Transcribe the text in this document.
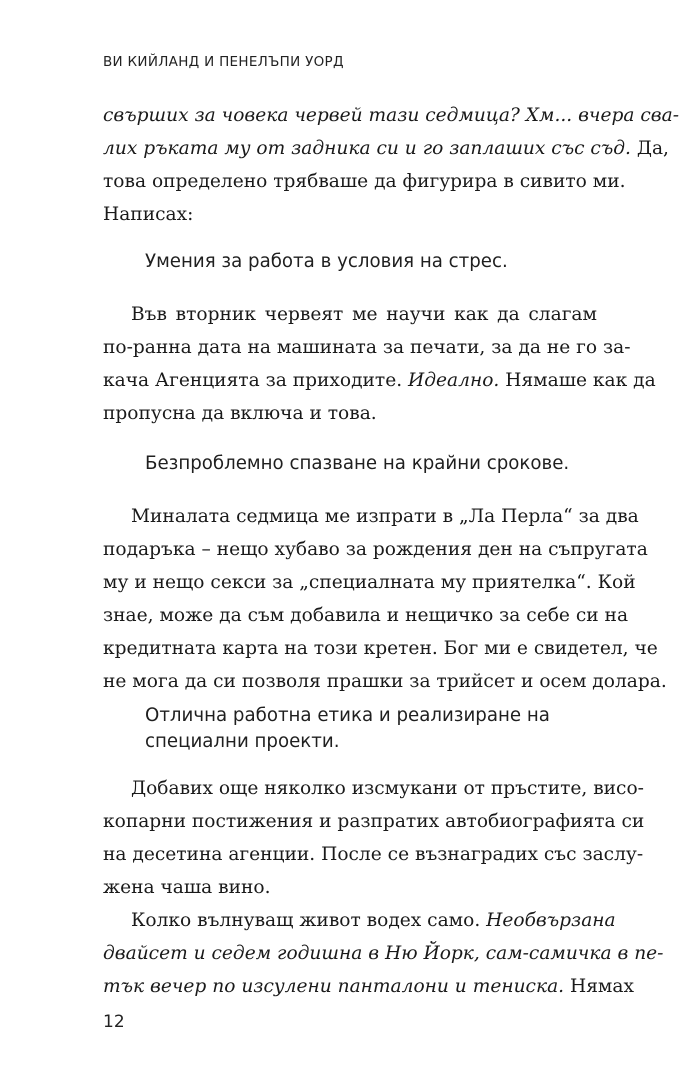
ВИ КИЙЛАНД И ПЕНЕЛЪПИ УОРД
свърших за човека червей тази седмица? Хм... вчера сва-
лих ръката му от задника си и го заплаших със съд. Да,
това определено трябваше да фигурира в сивито ми.
Написах:
Умения за работа в условия на стрес.
Във вторник червеят ме научи как да слагам
по-ранна дата на машината за печати, за да не го за-
кача Агенцията за приходите. Идеално. Нямаше как да
пропусна да включа и това.
Безпроблемно спазване на крайни срокове.
Миналата седмица ме изпрати в „Ла Перла“ за два
подаръка – нещо хубаво за рождения ден на съпругата
му и нещо секси за „специалната му приятелка“. Кой
знае, може да съм добавила и нещичко за себе си на
кредитната карта на този кретен. Бог ми е свидетел, че
не мога да си позволя прашки за трийсет и осем долара.
Отлична работна етика и реализиране на
специални проекти.
Добавих още няколко изсмукани от пръстите, висо-
копарни постижения и разпратих автобиографията си
на десетина агенции. После се възнаградих със заслу-
жена чаша вино.
Колко вълнуващ живот водех само. Необвързана
двайсет и седем годишна в Ню Йорк, сам-самичка в пе-
тък вечер по изсулени панталони и тениска. Нямах
12
